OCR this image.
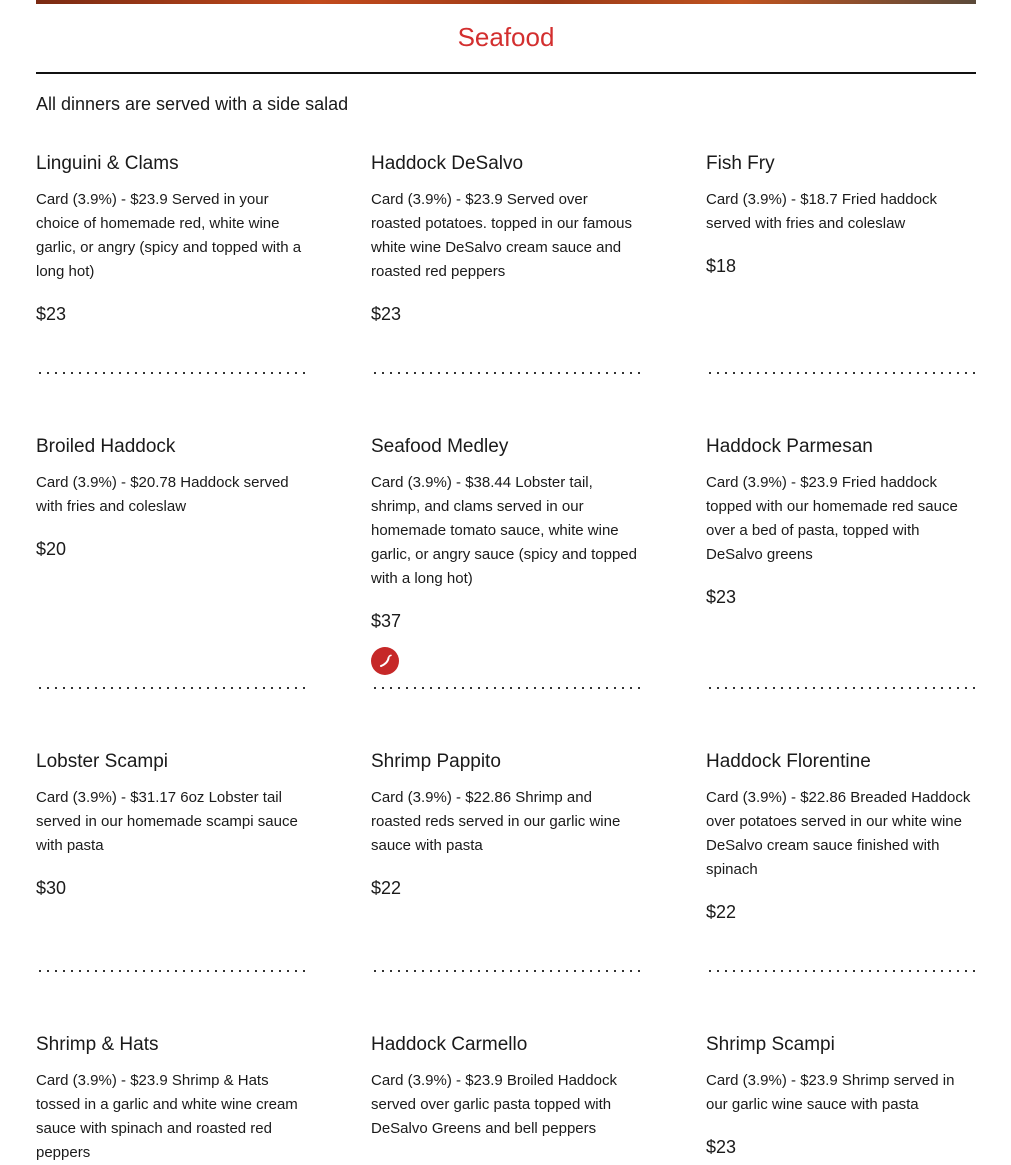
Seafood

All dinners are served with a side salad

Linguini & Clams

Card (3.9%) - $23.9 Served in your choice of homemade red, white wine garlic, or angry (spicy and topped with a long hot)

$23

Haddock DeSalvo

Card (3.9%) - $23.9 Served over roasted potatoes. topped in our famous white wine DeSalvo cream sauce and roasted red peppers

$23

Fish Fry

Card (3.9%) - $18.7 Fried haddock served with fries and coleslaw

$18

Broiled Haddock

Card (3.9%) - $20.78 Haddock served with fries and coleslaw

$20

Seafood Medley

Card (3.9%) - $38.44 Lobster tail, shrimp, and clams served in our homemade tomato sauce, white wine garlic, or angry sauce (spicy and topped with a long hot)

$37

Haddock Parmesan

Card (3.9%) - $23.9 Fried haddock topped with our homemade red sauce over a bed of pasta, topped with DeSalvo greens

$23

Lobster Scampi

Card (3.9%) - $31.17 6oz Lobster tail served in our homemade scampi sauce with pasta

$30

Shrimp Pappito

Card (3.9%) - $22.86 Shrimp and roasted reds served in our garlic wine sauce with pasta

$22

Haddock Florentine

Card (3.9%) - $22.86 Breaded Haddock over potatoes served in our white wine DeSalvo cream sauce finished with spinach

$22

Shrimp & Hats

Card (3.9%) - $23.9 Shrimp & Hats tossed in a garlic and white wine cream sauce with spinach and roasted red peppers

Haddock Carmello

Card (3.9%) - $23.9 Broiled Haddock served over garlic pasta topped with DeSalvo Greens and bell peppers

Shrimp Scampi

Card (3.9%) - $23.9 Shrimp served in our garlic wine sauce with pasta

$23
